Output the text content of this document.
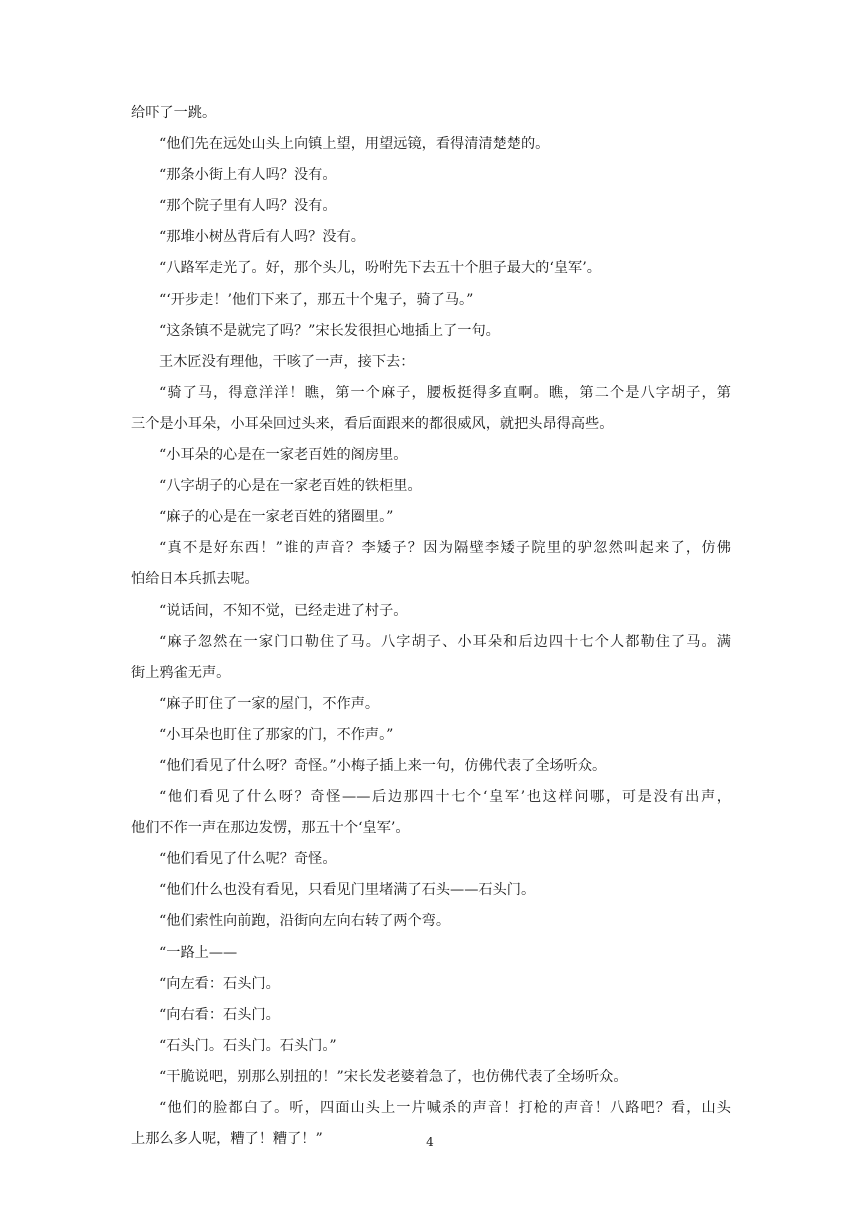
给吓了一跳。
“他们先在远处山头上向镇上望，用望远镜，看得清清楚楚的。
“那条小街上有人吗？没有。
“那个院子里有人吗？没有。
“那堆小树丛背后有人吗？没有。
“八路军走光了。好，那个头儿，吩咐先下去五十个胆子最大的‘皇军’。
“‘开步走！’他们下来了，那五十个鬼子，骑了马。”
“这条镇不是就完了吗？”宋长发很担心地插上了一句。
王木匠没有理他，干咳了一声，接下去：
“骑了马，得意洋洋！瞧，第一个麻子，腰板挺得多直啊。瞧，第二个是八字胡子，第
三个是小耳朵，小耳朵回过头来，看后面跟来的都很威风，就把头昂得高些。
“小耳朵的心是在一家老百姓的阁房里。
“八字胡子的心是在一家老百姓的铁柜里。
“麻子的心是在一家老百姓的猪圈里。”
“真不是好东西！”谁的声音？李矮子？因为隔壁李矮子院里的驴忽然叫起来了，仿佛
怕给日本兵抓去呢。
“说话间，不知不觉，已经走进了村子。
“麻子忽然在一家门口勒住了马。八字胡子、小耳朵和后边四十七个人都勒住了马。满
街上鸦雀无声。
“麻子盯住了一家的屋门，不作声。
“小耳朵也盯住了那家的门，不作声。”
“他们看见了什么呀？奇怪。”小梅子插上来一句，仿佛代表了全场听众。
“他们看见了什么呀？奇怪——后边那四十七个‘皇军’也这样问哪，可是没有出声，
他们不作一声在那边发愣，那五十个‘皇军’。
“他们看见了什么呢？奇怪。
“他们什么也没有看见，只看见门里堵满了石头——石头门。
“他们索性向前跑，沿街向左向右转了两个弯。
“一路上——
“向左看：石头门。
“向右看：石头门。
“石头门。石头门。石头门。”
“干脆说吧，别那么别扭的！”宋长发老婆着急了，也仿佛代表了全场听众。
“他们的脸都白了。听，四面山头上一片喊杀的声音！打枪的声音！八路吧？看，山头
上那么多人呢，糟了！糟了！”	4
